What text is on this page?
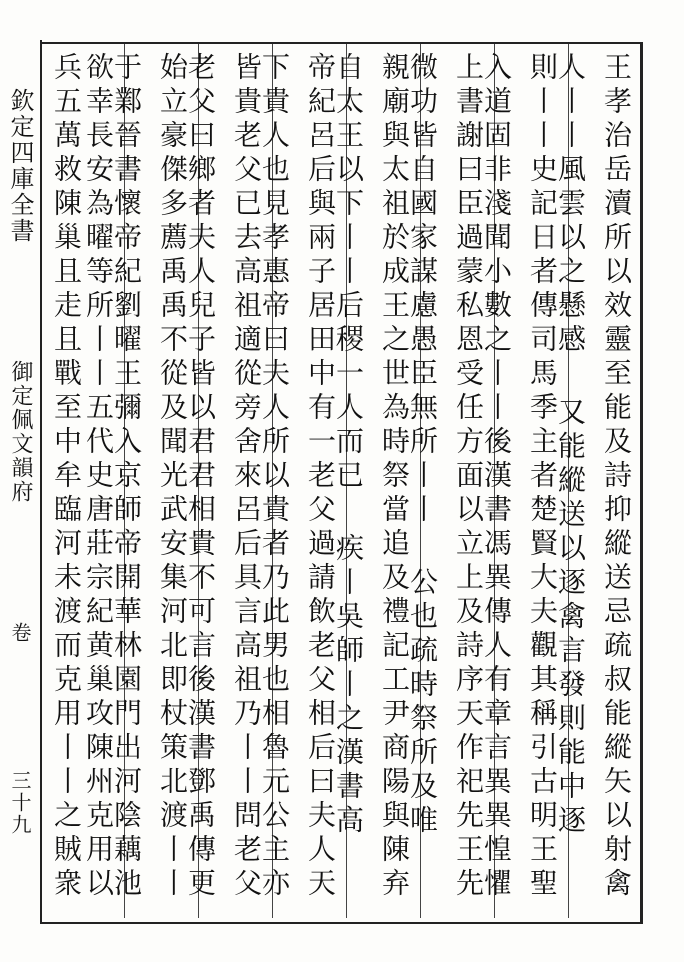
欽定四庫全書
御定佩文韻府
卷
三十九	王孝治岳瀆所以效靈至能及詩抑縱送忌疏叔能縱矢以射禽
人丨丨風雲以之懸感 又能縱送以逐禽言發則能中逐
則丨丨史記日者傳司馬季主者楚賢大夫觀其稱引古明王聖
入道固非淺聞小數之丨丨後漢書馮異傳人有章言異異惶懼
上書謝曰臣過蒙私恩受任方面以立上及詩序天作祀先王先
微功皆自國家謀慮愚臣無所丨丨 公也疏時祭所及唯
親廟與太祖於成王之世為時祭當追及禮記工尹商陽與陳弃
自太王以下丨丨后稷一人而已 疾丨吳師丨之漢書高
帝紀呂后與兩子居田中有一老父過請飲老父相后曰夫人天
下貴人也見孝惠帝曰夫人所以貴者乃此男也相魯元公主亦
皆貴老父已去高祖適從旁舍來呂后具言高祖乃丨丨問老父
老父曰鄉者夫人兒子皆以君君相貴不可言後漢書鄧禹傳更
始立豪傑多薦禹禹不從及聞光武安集河北即杖策北渡丨丨
于鄴晉書懷帝紀劉曜王彌入京師帝開華林園門出河陰藕池
欲幸長安為曜等所丨丨五代史唐莊宗紀黄巢攻陳州克用以
兵五萬救陳巢且走且戰至中牟臨河未渡而克用丨丨之賊衆
